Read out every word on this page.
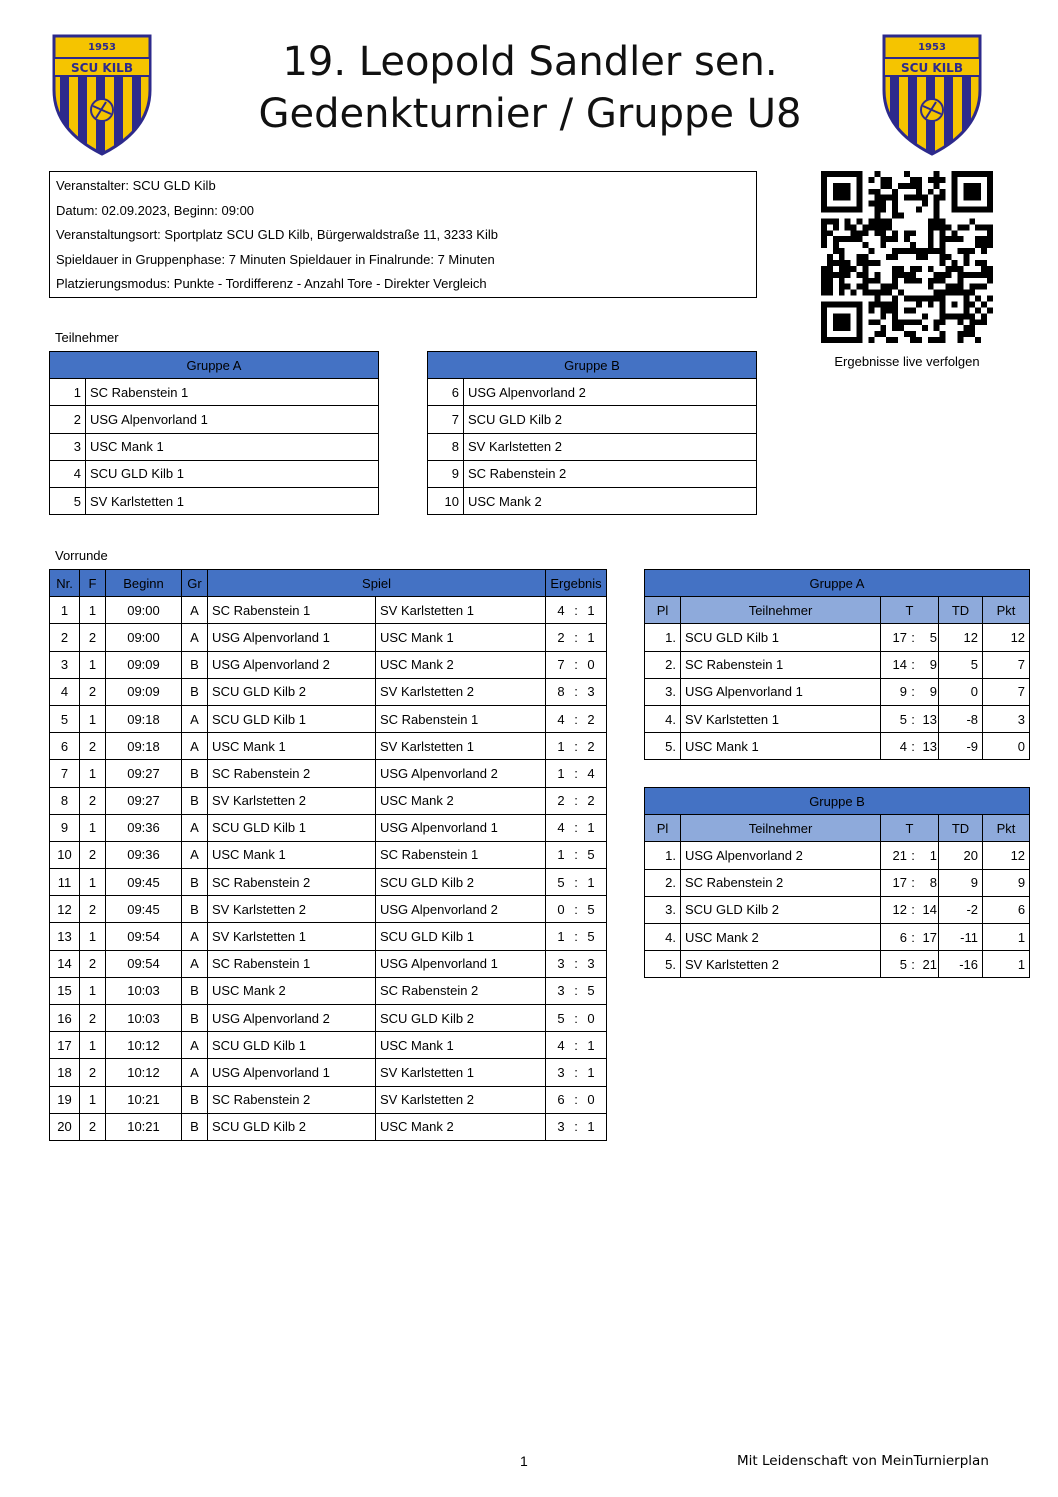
19. Leopold Sandler sen.
Gedenkturnier / Gruppe U8
1953
SCU KILB
1953
SCU KILB
Veranstalter: SCU GLD Kilb
Datum: 02.09.2023, Beginn: 09:00
Veranstaltungsort: Sportplatz SCU GLD Kilb, Bürgerwaldstraße 11, 3233 Kilb
Spieldauer in Gruppenphase: 7 Minuten Spieldauer in Finalrunde: 7 Minuten
Platzierungsmodus: Punkte - Tordifferenz - Anzahl Tore - Direkter Vergleich
Ergebnisse live verfolgen
Teilnehmer
Gruppe A	
1	SC Rabenstein 1
2	USG Alpenvorland 1
3	USC Mank 1
4	SCU GLD Kilb 1
5	SV Karlstetten 1
Gruppe B	
6	USG Alpenvorland 2
7	SCU GLD Kilb 2
8	SV Karlstetten 2
9	SC Rabenstein 2
10	USC Mank 2
Vorrunde
Nr.	F	Beginn	Gr	Spiel		Ergebnis
1	1	09:00	A	SC Rabenstein 1	SV Karlstetten 1	4 : 1

2	2	09:00	A	USG Alpenvorland 1	USC Mank 1	2 : 1

3	1	09:09	B	USG Alpenvorland 2	USC Mank 2	7 : 0

4	2	09:09	B	SCU GLD Kilb 2	SV Karlstetten 2	8 : 3

5	1	09:18	A	SCU GLD Kilb 1	SC Rabenstein 1	4 : 2

6	2	09:18	A	USC Mank 1	SV Karlstetten 1	1 : 2

7	1	09:27	B	SC Rabenstein 2	USG Alpenvorland 2	1 : 4

8	2	09:27	B	SV Karlstetten 2	USC Mank 2	2 : 2

9	1	09:36	A	SCU GLD Kilb 1	USG Alpenvorland 1	4 : 1

10	2	09:36	A	USC Mank 1	SC Rabenstein 1	1 : 5

11	1	09:45	B	SC Rabenstein 2	SCU GLD Kilb 2	5 : 1

12	2	09:45	B	SV Karlstetten 2	USG Alpenvorland 2	0 : 5

13	1	09:54	A	SV Karlstetten 1	SCU GLD Kilb 1	1 : 5

14	2	09:54	A	SC Rabenstein 1	USG Alpenvorland 1	3 : 3

15	1	10:03	B	USC Mank 2	SC Rabenstein 2	3 : 5

16	2	10:03	B	USG Alpenvorland 2	SCU GLD Kilb 2	5 : 0

17	1	10:12	A	SCU GLD Kilb 1	USC Mank 1	4 : 1

18	2	10:12	A	USG Alpenvorland 1	SV Karlstetten 1	3 : 1

19	1	10:21	B	SC Rabenstein 2	SV Karlstetten 2	6 : 0

20	2	10:21	B	SCU GLD Kilb 2	USC Mank 2	3 : 1
Gruppe A				
Pl	Teilnehmer	T	TD	Pkt
1.	SCU GLD Kilb 1	17 : 5	12	12
2.	SC Rabenstein 1	14 : 9	5	7
3.	USG Alpenvorland 1	9 : 9	0	7
4.	SV Karlstetten 1	5 : 13	-8	3
5.	USC Mank 1	4 : 13	-9	0
Gruppe B				
Pl	Teilnehmer	T	TD	Pkt
1.	USG Alpenvorland 2	21 : 1	20	12
2.	SC Rabenstein 2	17 : 8	9	9
3.	SCU GLD Kilb 2	12 : 14	-2	6
4.	USC Mank 2	6 : 17	-11	1
5.	SV Karlstetten 2	5 : 21	-16	1
1	Mit Leidenschaft von MeinTurnierplan
